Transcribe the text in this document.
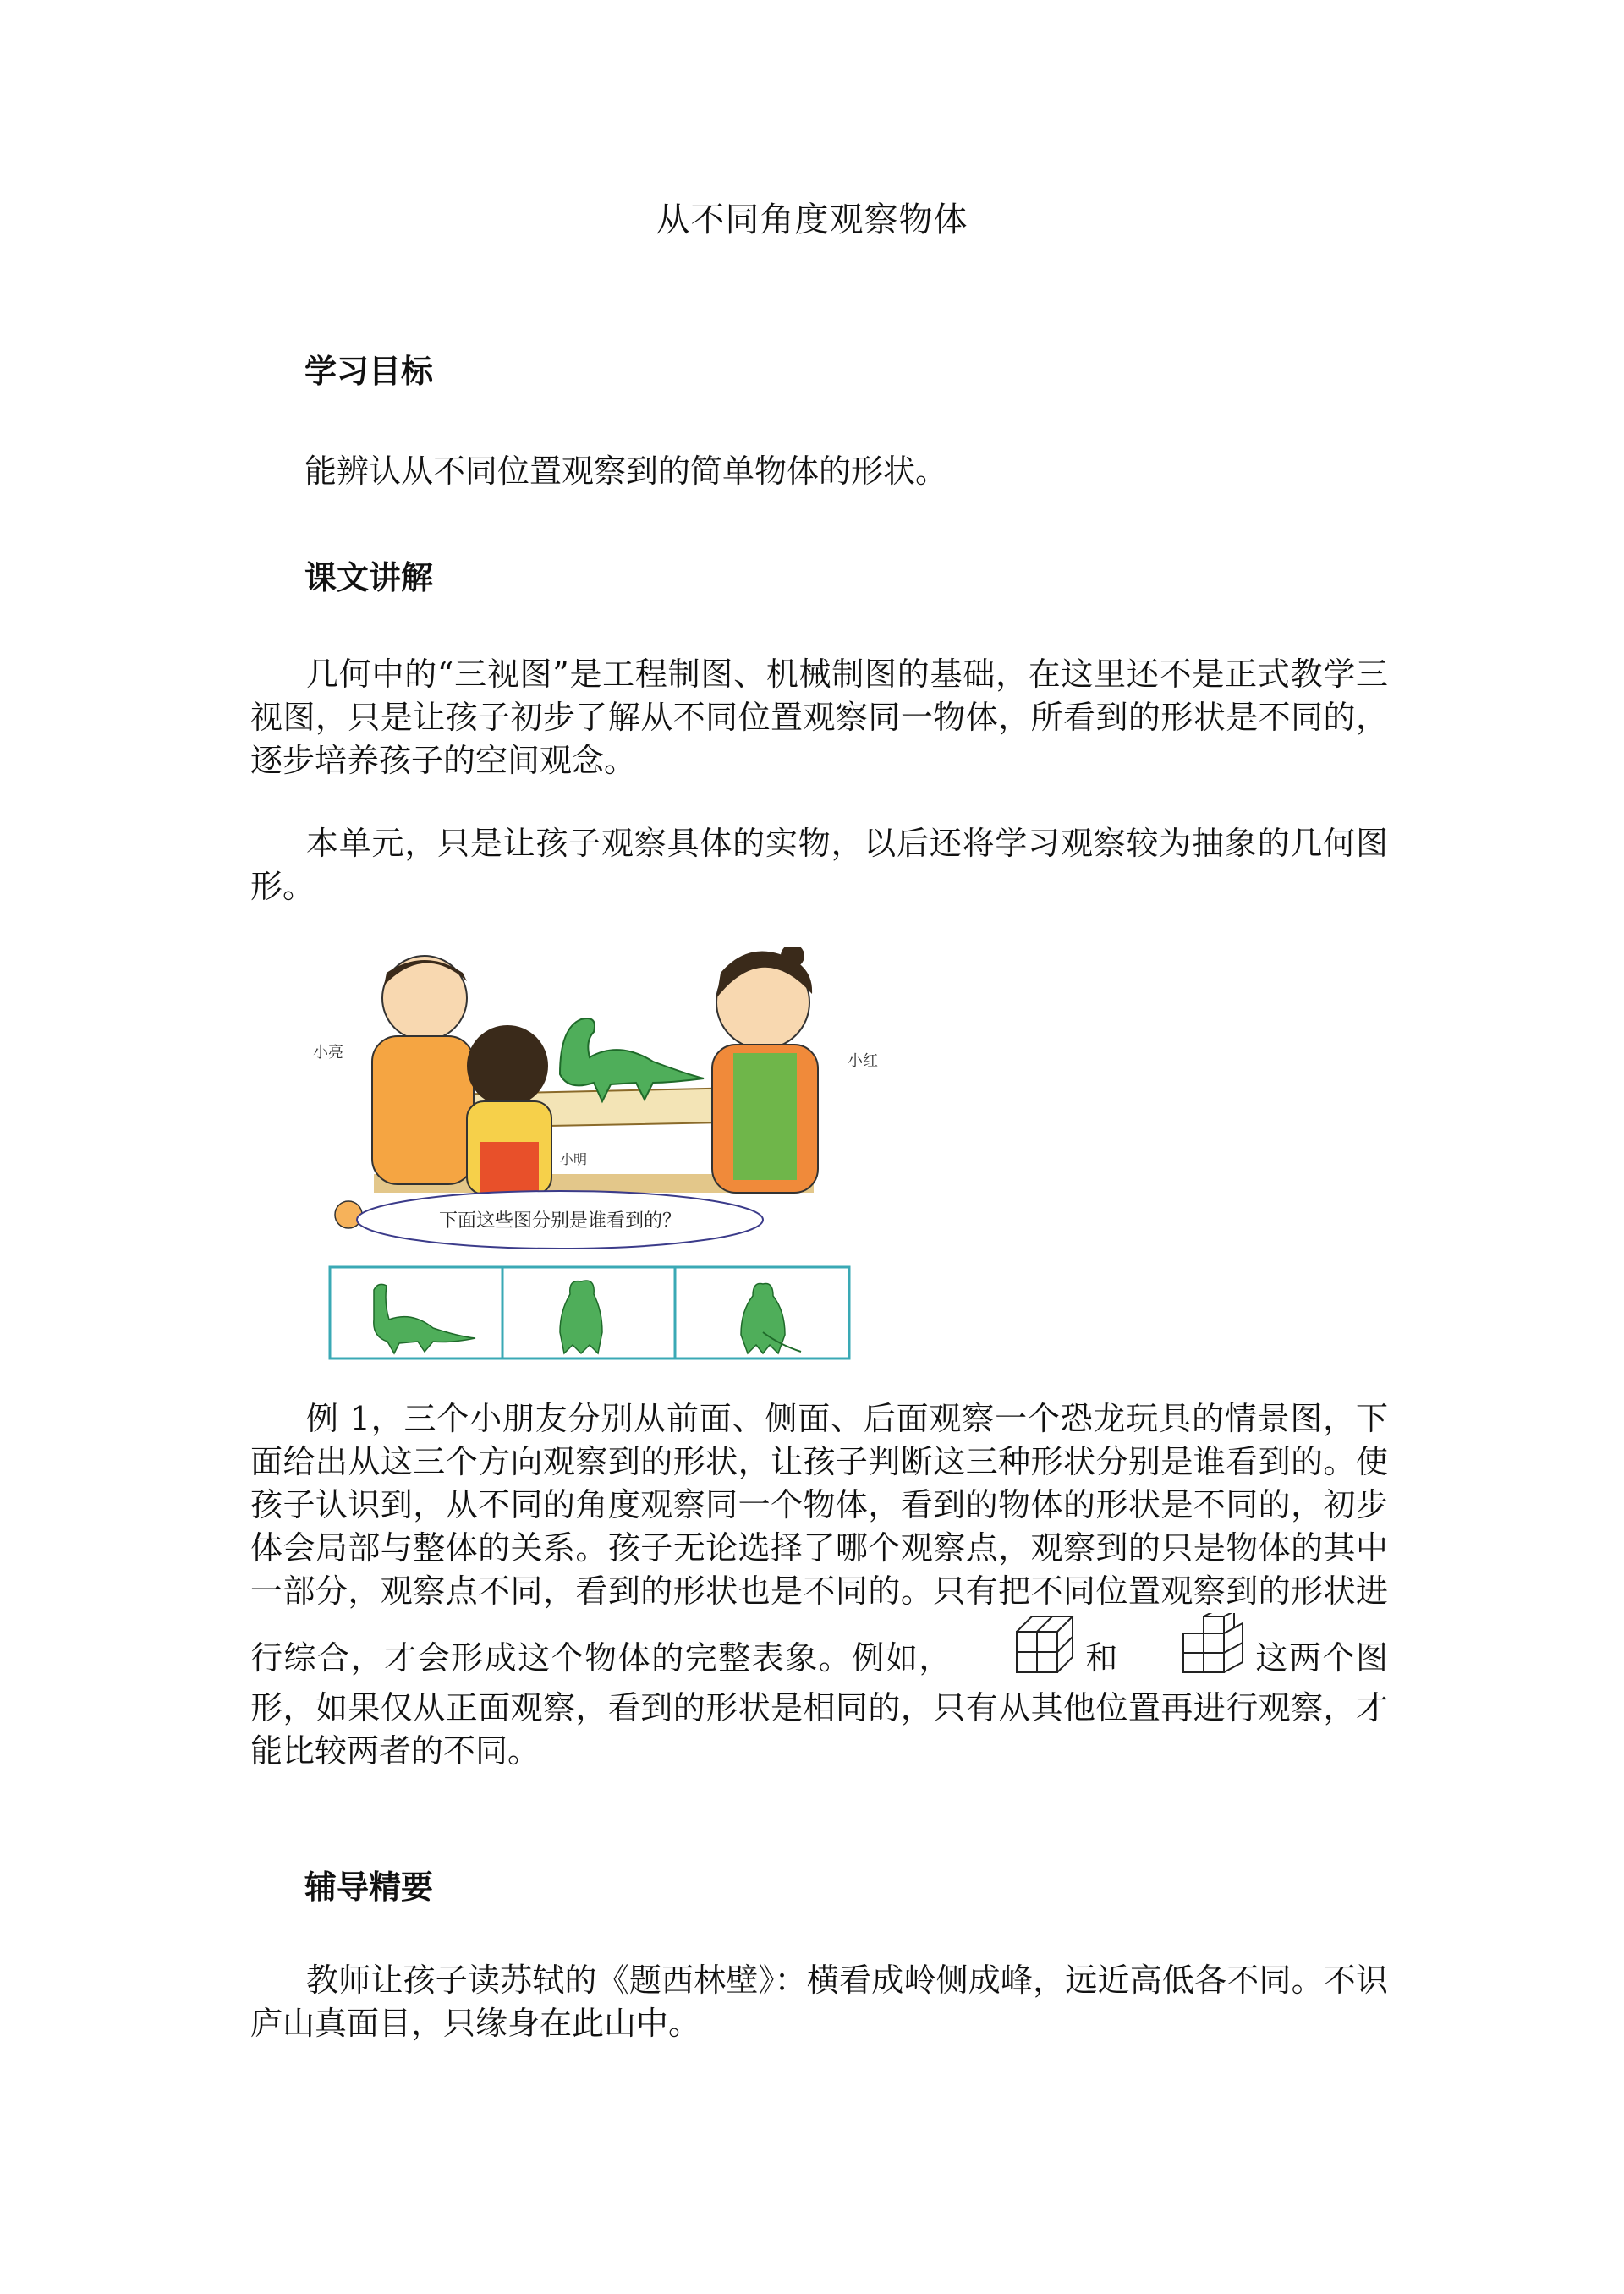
从不同角度观察物体
学习目标
能辨认从不同位置观察到的简单物体的形状。
课文讲解
几何中的“三视图”是工程制图、机械制图的基础，在这里还不是正式教学三视图，只是让孩子初步了解从不同位置观察同一物体，所看到的形状是不同的，逐步培养孩子的空间观念。
本单元，只是让孩子观察具体的实物，以后还将学习观察较为抽象的几何图形。
小亮
小明
小红
下面这些图分别是谁看到的？
例 1，三个小朋友分别从前面、侧面、后面观察一个恐龙玩具的情景图，下面给出从这三个方向观察到的形状，让孩子判断这三种形状分别是谁看到的。使孩子认识到，从不同的角度观察同一个物体，看到的物体的形状是不同的，初步体会局部与整体的关系。孩子无论选择了哪个观察点，观察到的只是物体的其中一部分，观察点不同，看到的形状也是不同的。只有把不同位置观察到的形状进行综合，才会形成这个物体的完整表象。例如，	和	这两个图形，如果仅从正面观察，看到的形状是相同的，只有从其他位置再进行观察，才能比较两者的不同。
辅导精要
教师让孩子读苏轼的《题西林壁》：横看成岭侧成峰，远近高低各不同。不识庐山真面目，只缘身在此山中。
